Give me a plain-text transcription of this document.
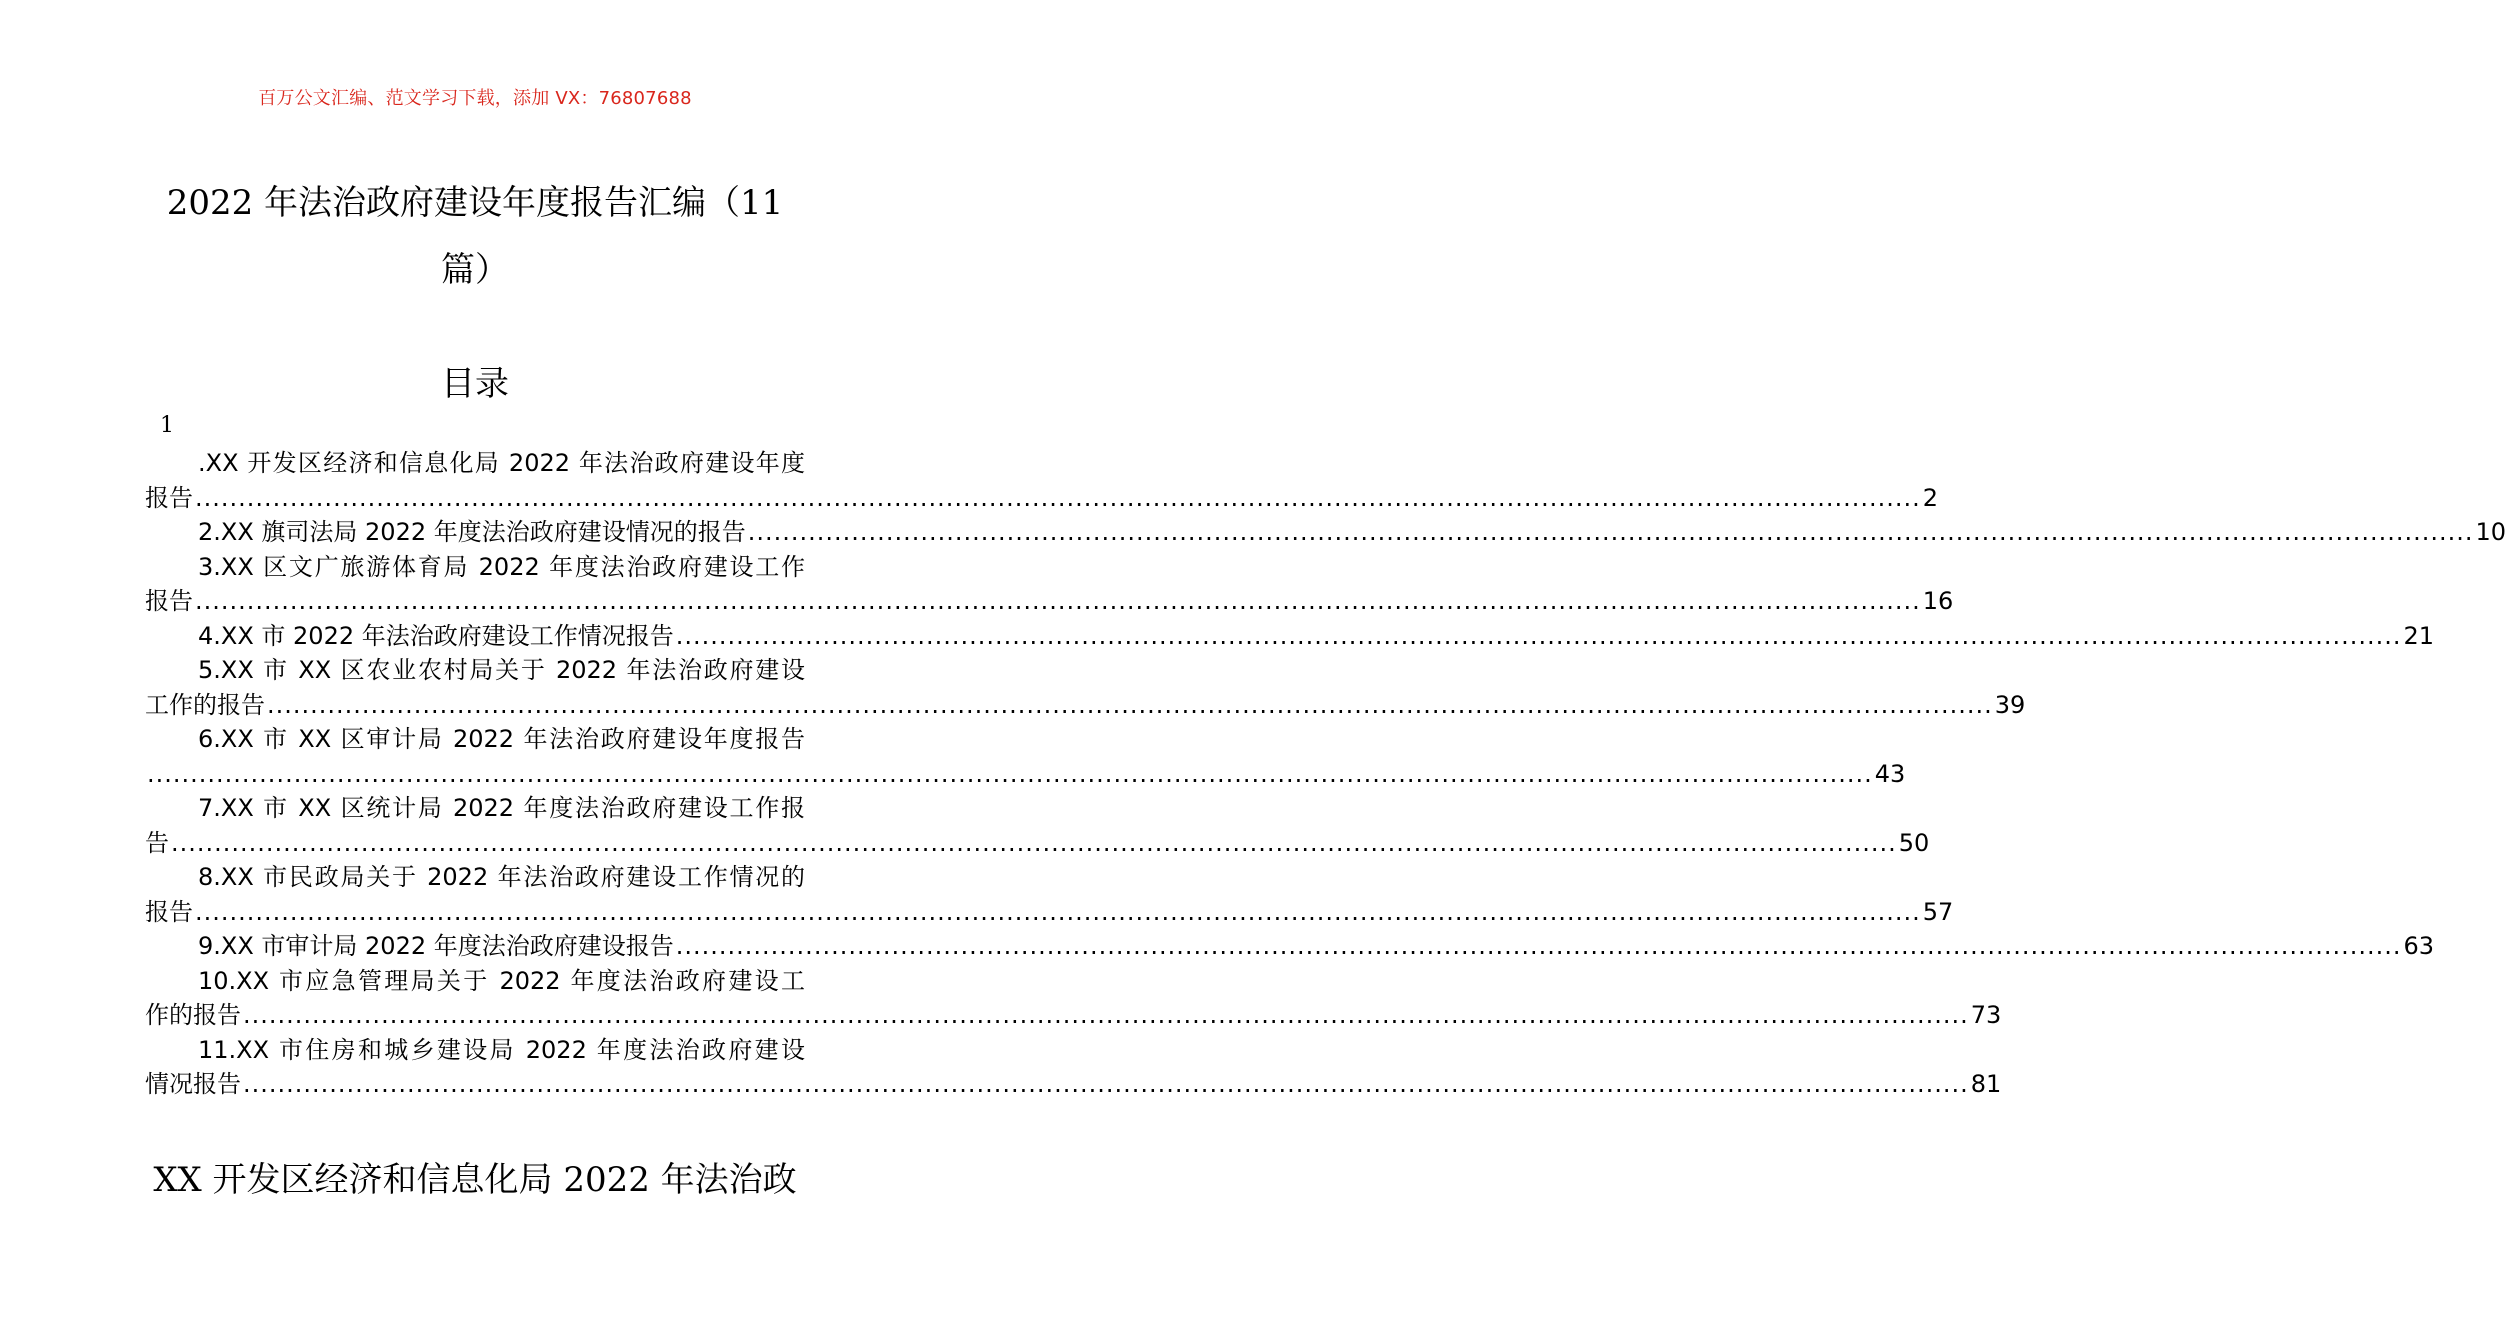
百万公文汇编、范文学习下载，添加 VX：76807688
2022 年法治政府建设年度报告汇编（11
篇）
目录
1
.XX 开发区经济和信息化局 2022 年法治政府建设年度
报告 ........................................................................................................................................................................................................ 2
2.XX 旗司法局 2022 年度法治政府建设情况的报告 ........................................................................................................................................................................................................ 10
3.XX 区文广旅游体育局 2022 年度法治政府建设工作
报告 ........................................................................................................................................................................................................ 16
4.XX 市 2022 年法治政府建设工作情况报告 ........................................................................................................................................................................................................ 21
5.XX 市 XX 区农业农村局关于 2022 年法治政府建设
工作的报告 ........................................................................................................................................................................................................ 39
6.XX 市 XX 区审计局 2022 年法治政府建设年度报告
........................................................................................................................................................................................................ 43
7.XX 市 XX 区统计局 2022 年度法治政府建设工作报
告 ........................................................................................................................................................................................................ 50
8.XX 市民政局关于 2022 年法治政府建设工作情况的
报告 ........................................................................................................................................................................................................ 57
9.XX 市审计局 2022 年度法治政府建设报告 ........................................................................................................................................................................................................ 63
10.XX 市应急管理局关于 2022 年度法治政府建设工
作的报告 ........................................................................................................................................................................................................ 73
11.XX 市住房和城乡建设局 2022 年度法治政府建设
情况报告 ........................................................................................................................................................................................................ 81
XX 开发区经济和信息化局 2022 年法治政
